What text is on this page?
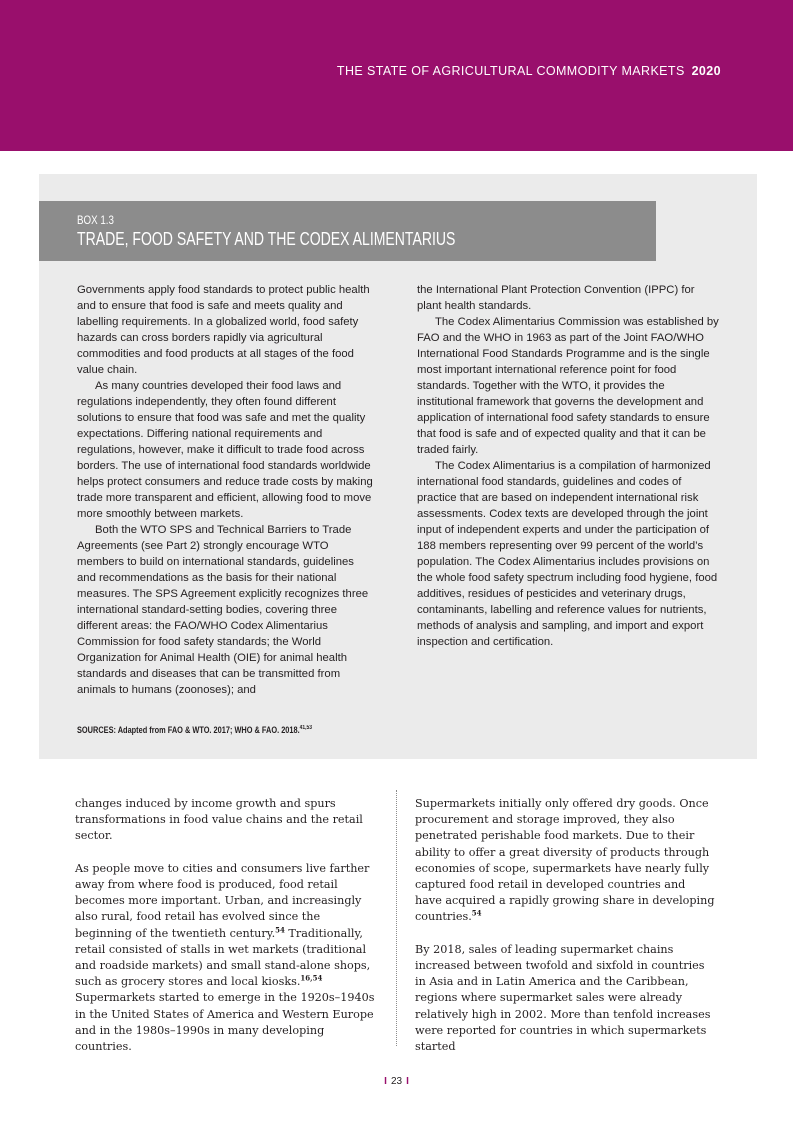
THE STATE OF AGRICULTURAL COMMODITY MARKETS 2020
BOX 1.3
TRADE, FOOD SAFETY AND THE CODEX ALIMENTARIUS

Governments apply food standards to protect public health and to ensure that food is safe and meets quality and labelling requirements. In a globalized world, food safety hazards can cross borders rapidly via agricultural commodities and food products at all stages of the food value chain.

As many countries developed their food laws and regulations independently, they often found different solutions to ensure that food was safe and met the quality expectations. Differing national requirements and regulations, however, make it difficult to trade food across borders. The use of international food standards worldwide helps protect consumers and reduce trade costs by making trade more transparent and efficient, allowing food to move more smoothly between markets.

Both the WTO SPS and Technical Barriers to Trade Agreements (see Part 2) strongly encourage WTO members to build on international standards, guidelines and recommendations as the basis for their national measures. The SPS Agreement explicitly recognizes three international standard-setting bodies, covering three different areas: the FAO/WHO Codex Alimentarius Commission for food safety standards; the World Organization for Animal Health (OIE) for animal health standards and diseases that can be transmitted from animals to humans (zoonoses); and

the International Plant Protection Convention (IPPC) for plant health standards.

The Codex Alimentarius Commission was established by FAO and the WHO in 1963 as part of the Joint FAO/WHO International Food Standards Programme and is the single most important international reference point for food standards. Together with the WTO, it provides the institutional framework that governs the development and application of international food safety standards to ensure that food is safe and of expected quality and that it can be traded fairly.

The Codex Alimentarius is a compilation of harmonized international food standards, guidelines and codes of practice that are based on independent international risk assessments. Codex texts are developed through the joint input of independent experts and under the participation of 188 members representing over 99 percent of the world’s population. The Codex Alimentarius includes provisions on the whole food safety spectrum including food hygiene, food additives, residues of pesticides and veterinary drugs, contaminants, labelling and reference values for nutrients, methods of analysis and sampling, and import and export inspection and certification.

SOURCES: Adapted from FAO & WTO. 2017; WHO & FAO. 2018.$^{41,53}$

changes induced by income growth and spurs transformations in food value chains and the retail sector.

As people move to cities and consumers live farther away from where food is produced, food retail becomes more important. Urban, and increasingly also rural, food retail has evolved since the beginning of the twentieth century.$^{54}$ Traditionally, retail consisted of stalls in wet markets (traditional and roadside markets) and small stand-alone shops, such as grocery stores and local kiosks.$^{16,54}$ Supermarkets started to emerge in the 1920s–1940s in the United States of America and Western Europe and in the 1980s–1990s in many developing countries.

Supermarkets initially only offered dry goods. Once procurement and storage improved, they also penetrated perishable food markets. Due to their ability to offer a great diversity of products through economies of scope, supermarkets have nearly fully captured food retail in developed countries and have acquired a rapidly growing share in developing countries.$^{54}$

By 2018, sales of leading supermarket chains increased between twofold and sixfold in countries in Asia and in Latin America and the Caribbean, regions where supermarket sales were already relatively high in 2002. More than tenfold increases were reported for countries in which supermarkets started

I 23 I
